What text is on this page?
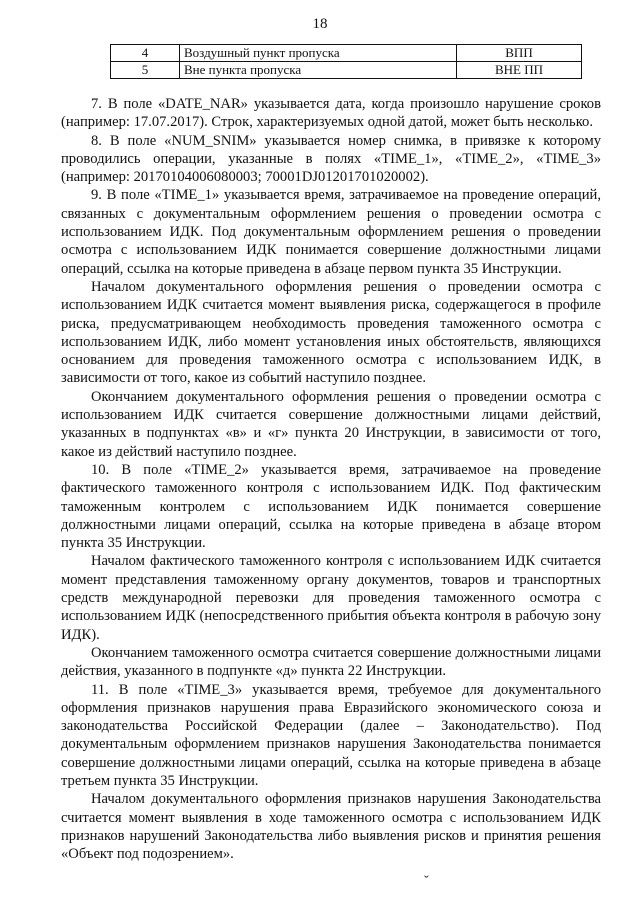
18
4	Воздушный пункт пропуска	ВПП
5	Вне пункта пропуска	ВНЕ ПП

7. В поле «DATE_NAR» указывается дата, когда произошло нарушение сроков (например: 17.07.2017). Строк, характеризуемых одной датой, может быть несколько.

8. В поле «NUM_SNIM» указывается номер снимка, в привязке к которому проводились операции, указанные в полях «TIME_1», «TIME_2», «TIME_3» (например: 20170104006080003; 70001DJ01201701020002).

9. В поле «TIME_1» указывается время, затрачиваемое на проведение операций, связанных с документальным оформлением решения о проведении осмотра с использованием ИДК. Под документальным оформлением решения о проведении осмотра с использованием ИДК понимается совершение должностными лицами операций, ссылка на которые приведена в абзаце первом пункта 35 Инструкции.

Началом документального оформления решения о проведении осмотра с использованием ИДК считается момент выявления риска, содержащегося в профиле риска, предусматривающем необходимость проведения таможенного осмотра с использованием ИДК, либо момент установления иных обстоятельств, являющихся основанием для проведения таможенного осмотра с использованием ИДК, в зависимости от того, какое из событий наступило позднее.

Окончанием документального оформления решения о проведении осмотра с использованием ИДК считается совершение должностными лицами действий, указанных в подпунктах «в» и «г» пункта 20 Инструкции, в зависимости от того, какое из действий наступило позднее.

10. В поле «TIME_2» указывается время, затрачиваемое на проведение фактического таможенного контроля с использованием ИДК. Под фактическим таможенным контролем с использованием ИДК понимается совершение должностными лицами операций, ссылка на которые приведена в абзаце втором пункта 35 Инструкции.

Началом фактического таможенного контроля с использованием ИДК считается момент представления таможенному органу документов, товаров и транспортных средств международной перевозки для проведения таможенного осмотра с использованием ИДК (непосредственного прибытия объекта контроля в рабочую зону ИДК).

Окончанием таможенного осмотра считается совершение должностными лицами действия, указанного в подпункте «д» пункта 22 Инструкции.

11. В поле «TIME_3» указывается время, требуемое для документального оформления признаков нарушения права Евразийского экономического союза и законодательства Российской Федерации (далее – Законодательство). Под документальным оформлением признаков нарушения Законодательства понимается совершение должностными лицами операций, ссылка на которые приведена в абзаце третьем пункта 35 Инструкции.

Началом документального оформления признаков нарушения Законодательства считается момент выявления в ходе таможенного осмотра с использованием ИДК признаков нарушений Законодательства либо выявления рисков и принятия решения «Объект под подозрением».

ˇ
